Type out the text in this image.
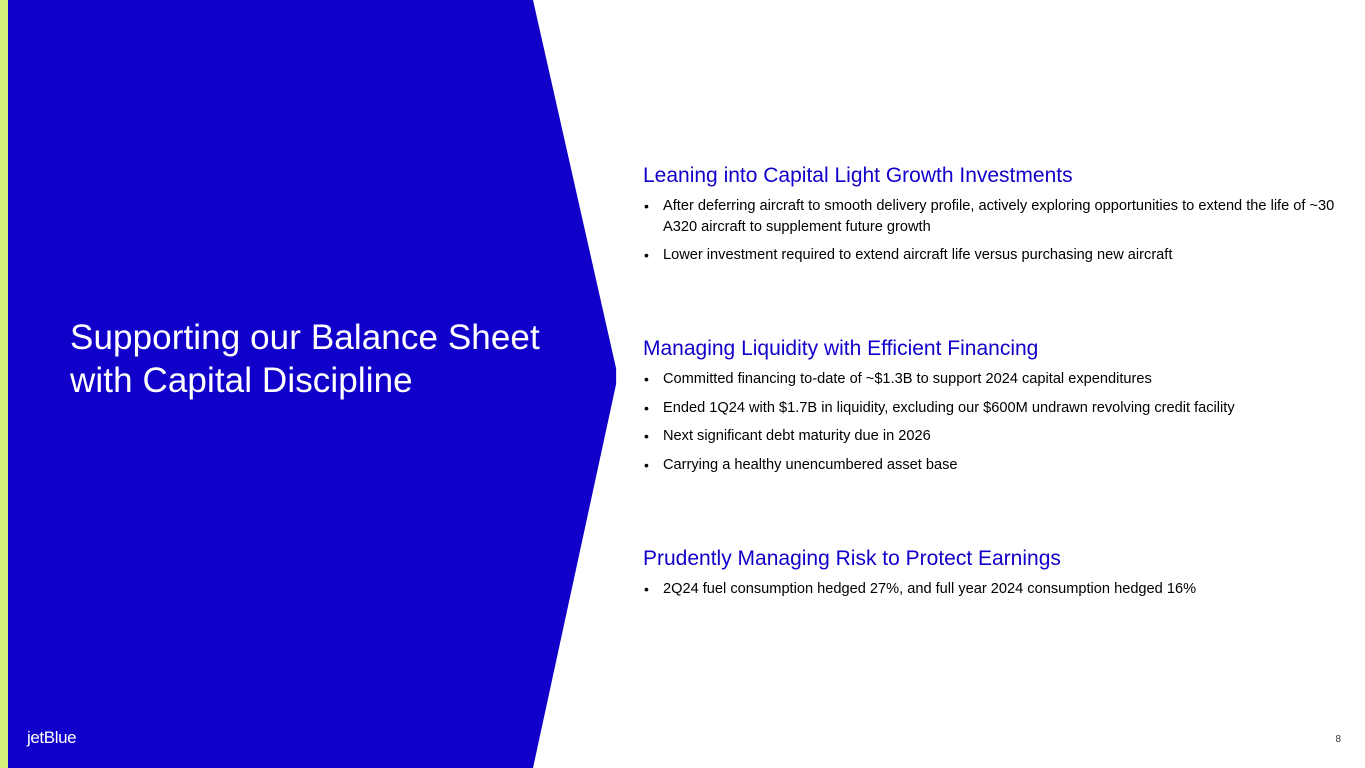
Supporting our Balance Sheet with Capital Discipline
jetBlue
Leaning into Capital Light Growth Investments
• After deferring aircraft to smooth delivery profile, actively exploring opportunities to extend the life of ~30 A320 aircraft to supplement future growth
• Lower investment required to extend aircraft life versus purchasing new aircraft
Managing Liquidity with Efficient Financing
• Committed financing to-date of ~$1.3B to support 2024 capital expenditures
• Ended 1Q24 with $1.7B in liquidity, excluding our $600M undrawn revolving credit facility
• Next significant debt maturity due in 2026
• Carrying a healthy unencumbered asset base
Prudently Managing Risk to Protect Earnings
• 2Q24 fuel consumption hedged 27%, and full year 2024 consumption hedged 16%
8
